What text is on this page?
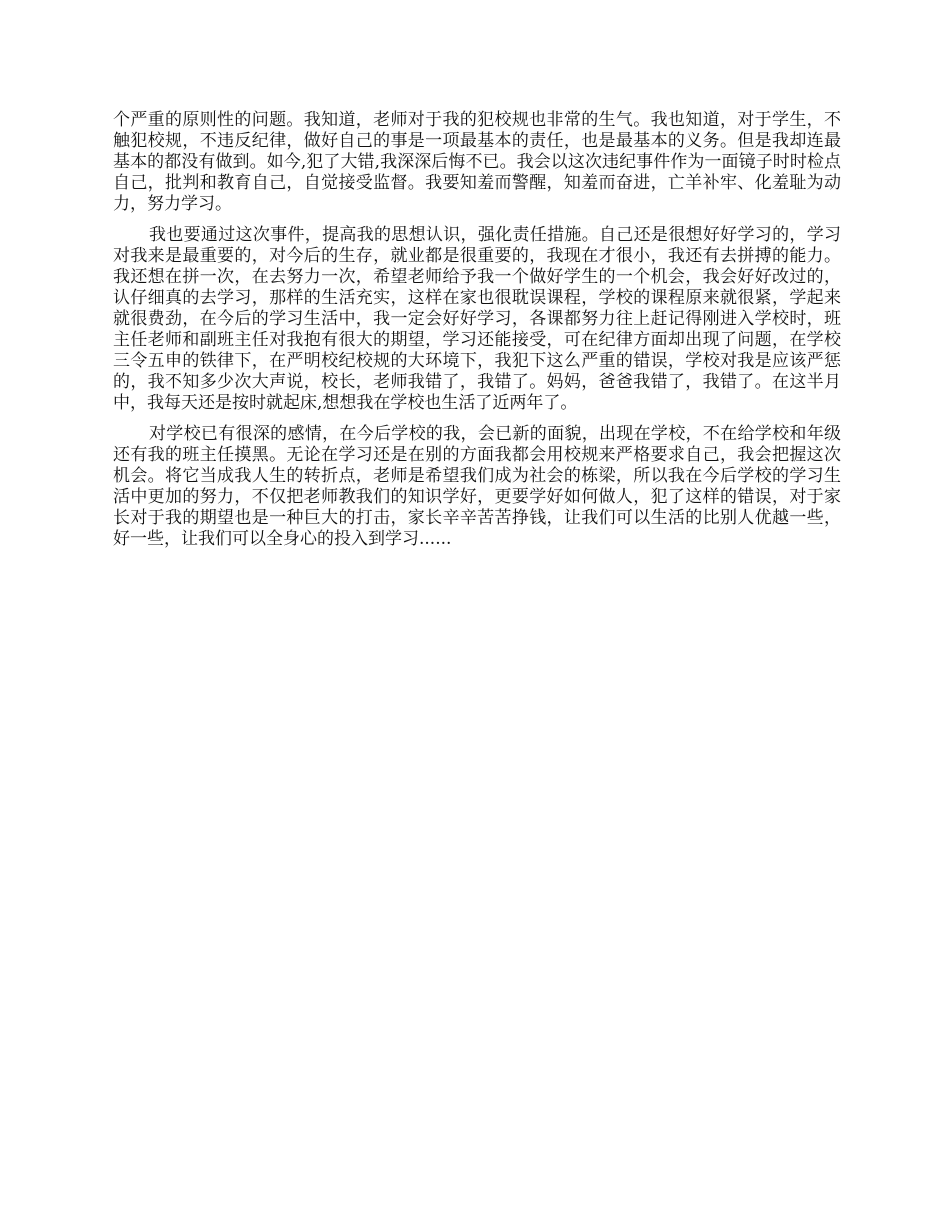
个严重的原则性的问题。我知道，老师对于我的犯校规也非常的生气。我也知道，对于学生，不触犯校规，不违反纪律，做好自己的事是一项最基本的责任，也是最基本的义务。但是我却连最基本的都没有做到。如今,犯了大错,我深深后悔不已。我会以这次违纪事件作为一面镜子时时检点自己，批判和教育自己，自觉接受监督。我要知羞而警醒，知羞而奋进，亡羊补牢、化羞耻为动力，努力学习。

我也要通过这次事件，提高我的思想认识，强化责任措施。自己还是很想好好学习的，学习对我来是最重要的，对今后的生存，就业都是很重要的，我现在才很小，我还有去拼搏的能力。我还想在拼一次，在去努力一次，希望老师给予我一个做好学生的一个机会，我会好好改过的，认仔细真的去学习，那样的生活充实，这样在家也很耽误课程，学校的课程原来就很紧，学起来就很费劲，在今后的学习生活中，我一定会好好学习，各课都努力往上赶记得刚进入学校时，班主任老师和副班主任对我抱有很大的期望，学习还能接受，可在纪律方面却出现了问题，在学校三令五申的铁律下，在严明校纪校规的大环境下，我犯下这么严重的错误，学校对我是应该严惩的，我不知多少次大声说，校长，老师我错了，我错了。妈妈，爸爸我错了，我错了。在这半月中，我每天还是按时就起床,想想我在学校也生活了近两年了。

对学校已有很深的感情，在今后学校的我，会已新的面貌，出现在学校，不在给学校和年级还有我的班主任摸黑。无论在学习还是在别的方面我都会用校规来严格要求自己，我会把握这次机会。将它当成我人生的转折点，老师是希望我们成为社会的栋梁，所以我在今后学校的学习生活中更加的努力，不仅把老师教我们的知识学好，更要学好如何做人，犯了这样的错误，对于家长对于我的期望也是一种巨大的打击，家长辛辛苦苦挣钱，让我们可以生活的比别人优越一些，好一些，让我们可以全身心的投入到学习......
